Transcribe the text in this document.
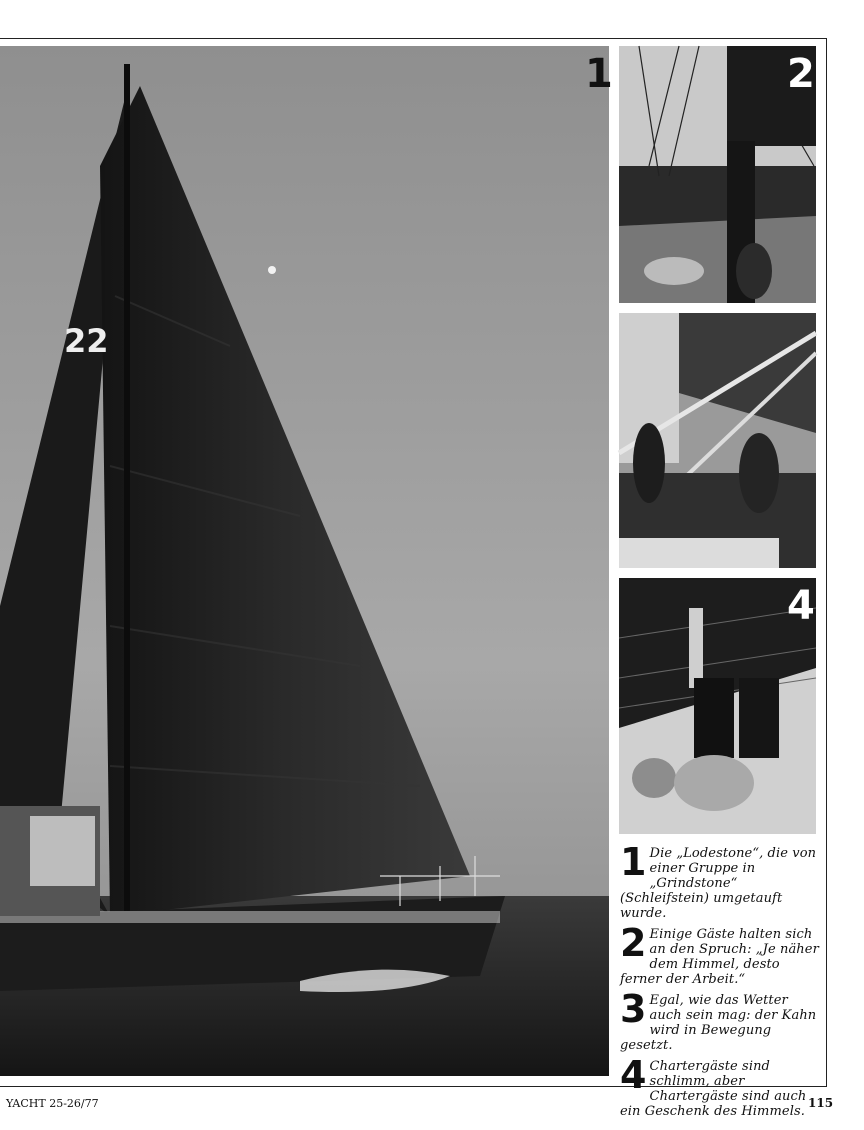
22
1	2
4

1 Die „Lodestone“, die von einer Gruppe in „Grindstone“ (Schleifstein) umgetauft wurde.

2 Einige Gäste halten sich an den Spruch: „Je näher dem Himmel, desto ferner der Arbeit.“

3 Egal, wie das Wetter auch sein mag: der Kahn wird in Bewegung gesetzt.

4 Chartergäste sind schlimm, aber Chartergäste sind auch ein Geschenk des Himmels.

YACHT 25-26/77	115
